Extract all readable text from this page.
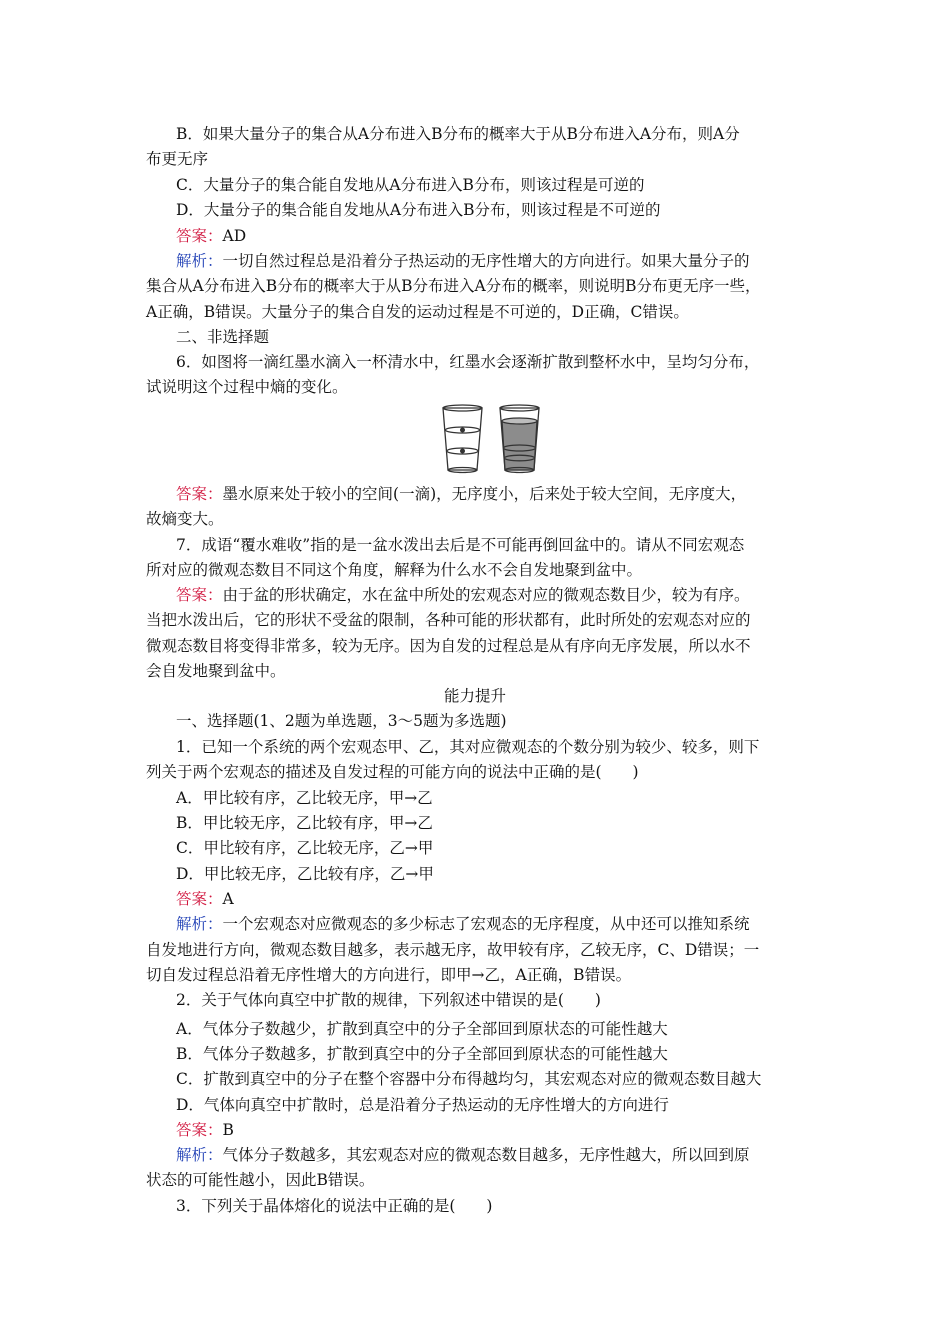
B．如果大量分子的集合从A分布进入B分布的概率大于从B分布进入A分布，则A分
布更无序
C．大量分子的集合能自发地从A分布进入B分布，则该过程是可逆的
D．大量分子的集合能自发地从A分布进入B分布，则该过程是不可逆的
答案：AD
解析：一切自然过程总是沿着分子热运动的无序性增大的方向进行。如果大量分子的
集合从A分布进入B分布的概率大于从B分布进入A分布的概率，则说明B分布更无序一些，
A正确，B错误。大量分子的集合自发的运动过程是不可逆的，D正确，C错误。
二、非选择题
6．如图将一滴红墨水滴入一杯清水中，红墨水会逐渐扩散到整杯水中，呈均匀分布，
试说明这个过程中熵的变化。
答案：墨水原来处于较小的空间(一滴)，无序度小，后来处于较大空间，无序度大，
故熵变大。
7．成语“覆水难收”指的是一盆水泼出去后是不可能再倒回盆中的。请从不同宏观态
所对应的微观态数目不同这个角度，解释为什么水不会自发地聚到盆中。
答案：由于盆的形状确定，水在盆中所处的宏观态对应的微观态数目少，较为有序。
当把水泼出后，它的形状不受盆的限制，各种可能的形状都有，此时所处的宏观态对应的
微观态数目将变得非常多，较为无序。因为自发的过程总是从有序向无序发展，所以水不
会自发地聚到盆中。
能力提升
一、选择题(1、2题为单选题，3～5题为多选题)
1．已知一个系统的两个宏观态甲、乙，其对应微观态的个数分别为较少、较多，则下
列关于两个宏观态的描述及自发过程的可能方向的说法中正确的是(　　)
A．甲比较有序，乙比较无序，甲→乙
B．甲比较无序，乙比较有序，甲→乙
C．甲比较有序，乙比较无序，乙→甲
D．甲比较无序，乙比较有序，乙→甲
答案：A
解析：一个宏观态对应微观态的多少标志了宏观态的无序程度，从中还可以推知系统
自发地进行方向，微观态数目越多，表示越无序，故甲较有序，乙较无序，C、D错误；一
切自发过程总沿着无序性增大的方向进行，即甲→乙，A正确，B错误。
2．关于气体向真空中扩散的规律，下列叙述中错误的是(　　)
A．气体分子数越少，扩散到真空中的分子全部回到原状态的可能性越大
B．气体分子数越多，扩散到真空中的分子全部回到原状态的可能性越大
C．扩散到真空中的分子在整个容器中分布得越均匀，其宏观态对应的微观态数目越大
D．气体向真空中扩散时，总是沿着分子热运动的无序性增大的方向进行
答案：B
解析：气体分子数越多，其宏观态对应的微观态数目越多，无序性越大，所以回到原
状态的可能性越小，因此B错误。
3．下列关于晶体熔化的说法中正确的是(　　)
